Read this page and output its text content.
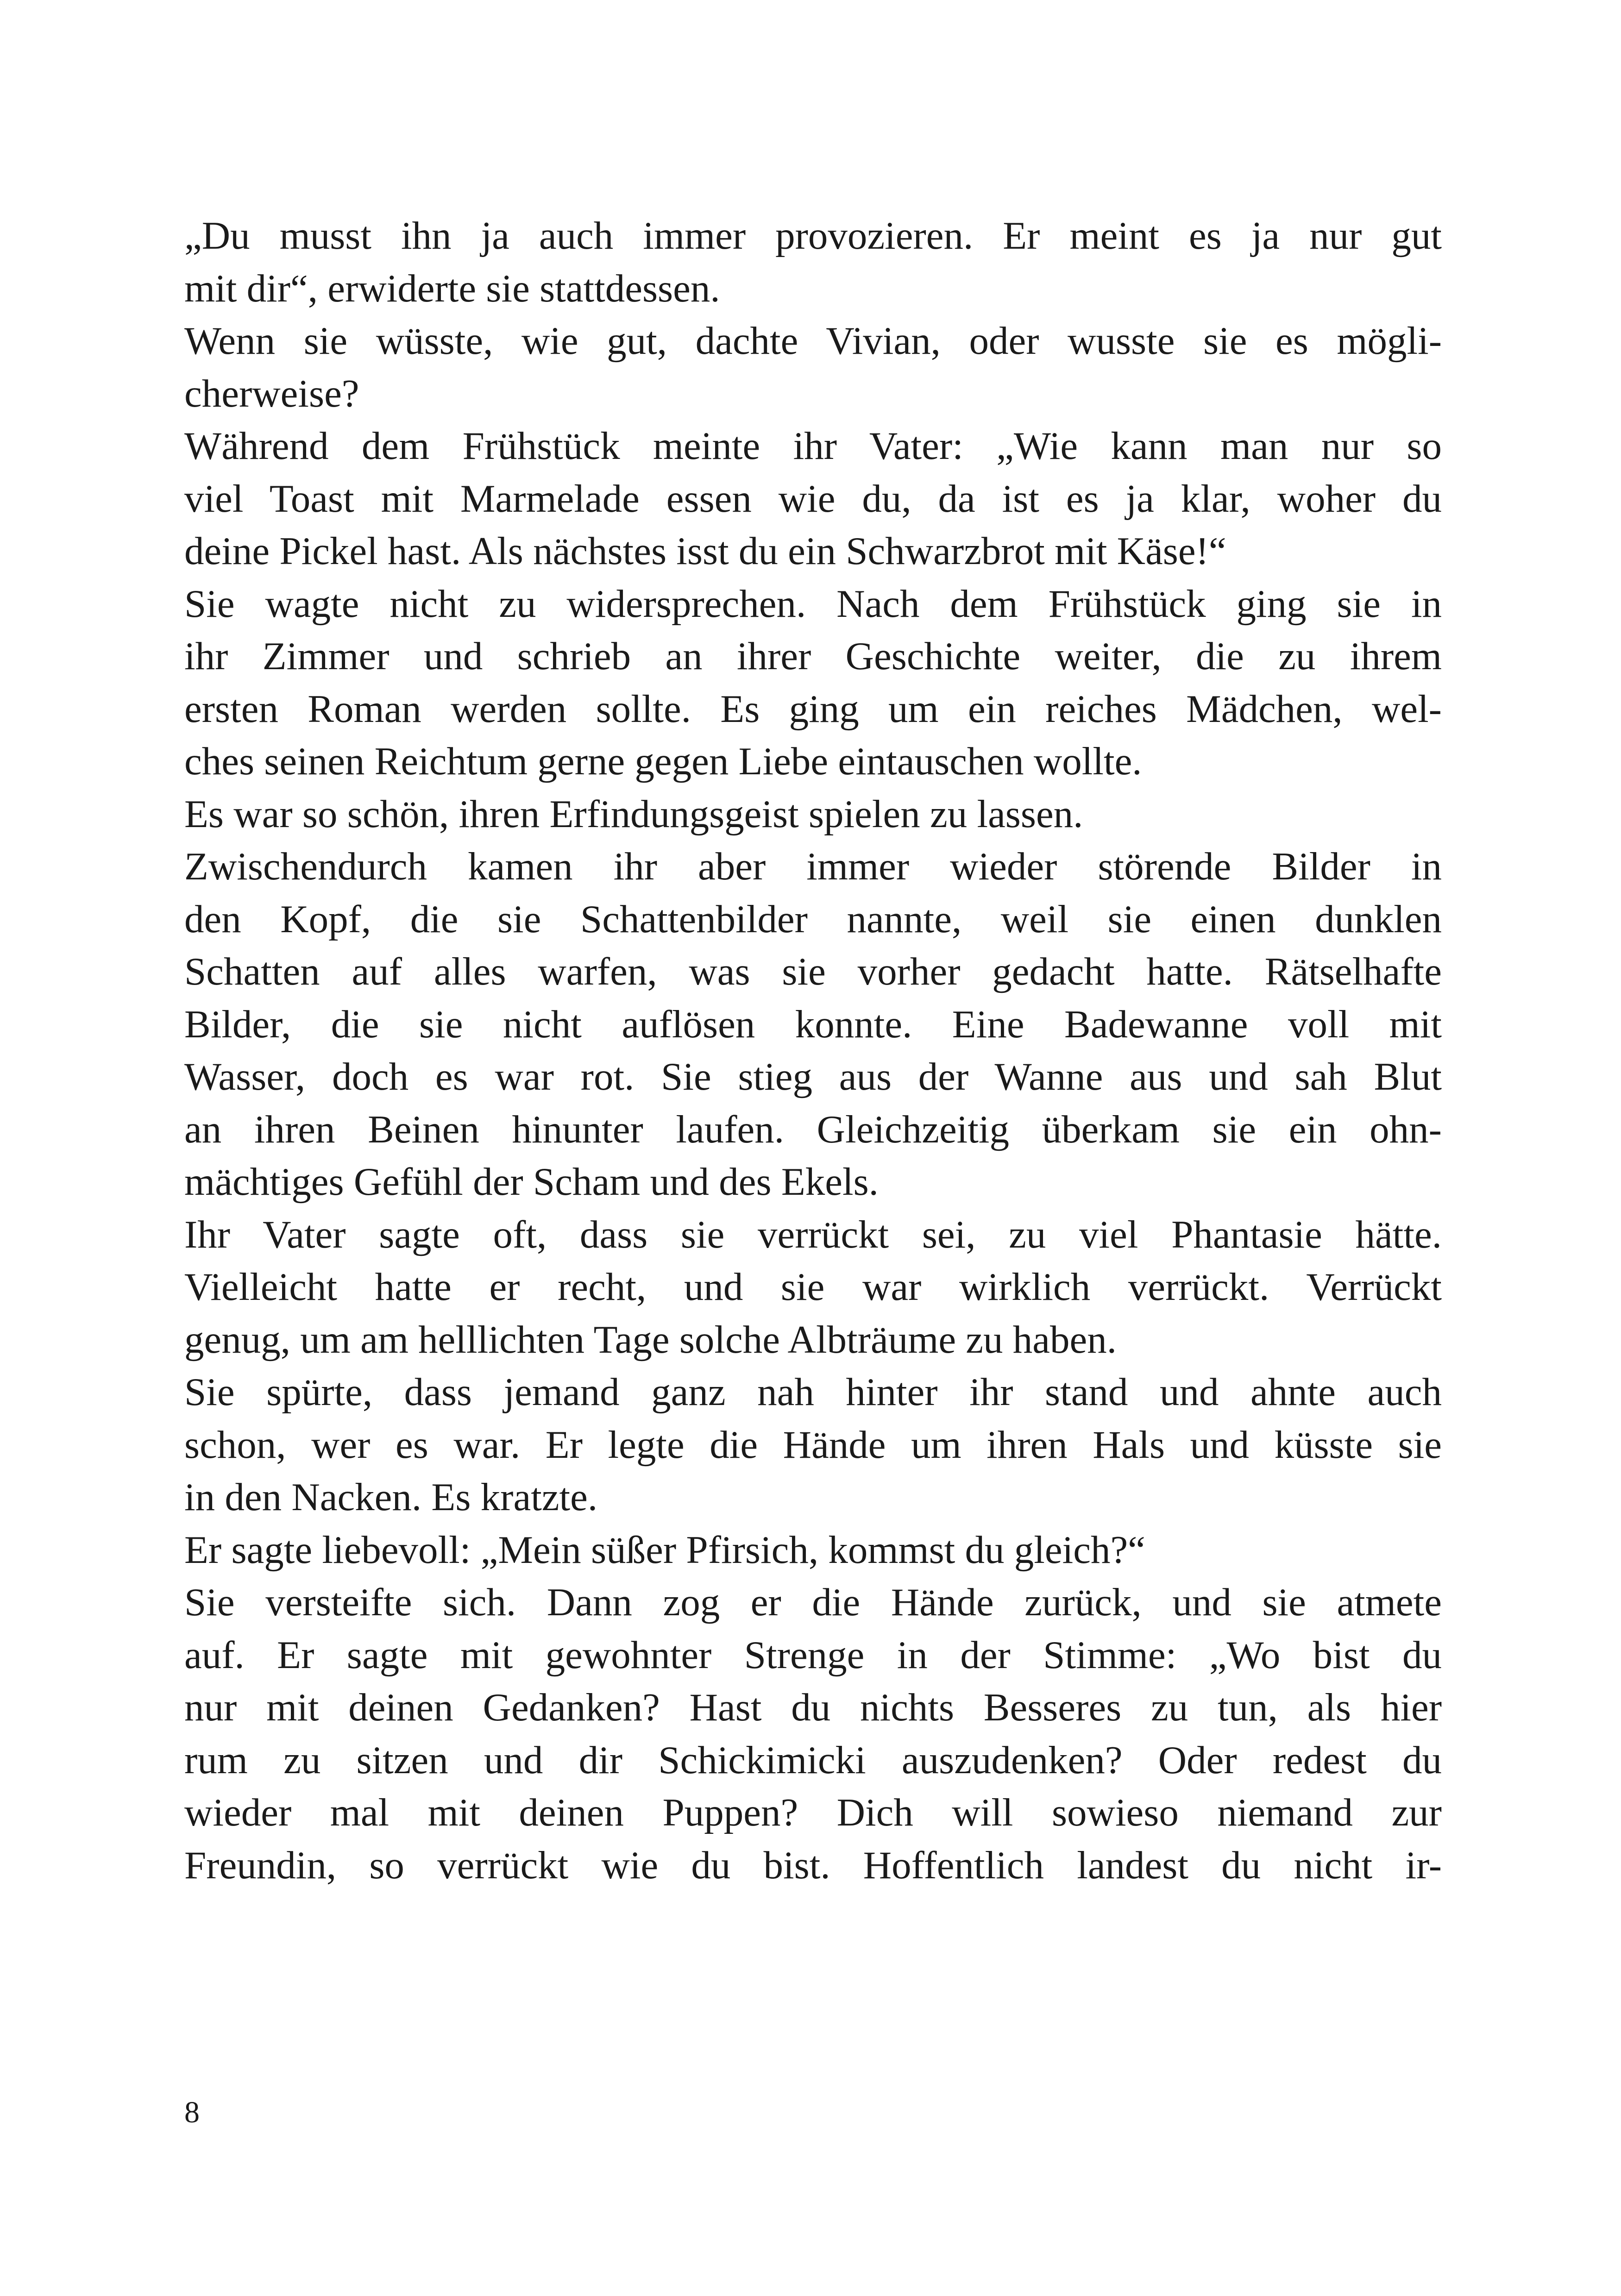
„Du musst ihn ja auch immer provozieren. Er meint es ja nur gut
mit dir“, erwiderte sie stattdessen.
Wenn sie wüsste, wie gut, dachte Vivian, oder wusste sie es mögli-
cherweise?
Während dem Frühstück meinte ihr Vater: „Wie kann man nur so
viel Toast mit Marmelade essen wie du, da ist es ja klar, woher du
deine Pickel hast. Als nächstes isst du ein Schwarzbrot mit Käse!“
Sie wagte nicht zu widersprechen. Nach dem Frühstück ging sie in
ihr Zimmer und schrieb an ihrer Geschichte weiter, die zu ihrem
ersten Roman werden sollte. Es ging um ein reiches Mädchen, wel-
ches seinen Reichtum gerne gegen Liebe eintauschen wollte.
Es war so schön, ihren Erfindungsgeist spielen zu lassen.
Zwischendurch kamen ihr aber immer wieder störende Bilder in
den Kopf, die sie Schattenbilder nannte, weil sie einen dunklen
Schatten auf alles warfen, was sie vorher gedacht hatte. Rätselhafte
Bilder, die sie nicht auflösen konnte. Eine Badewanne voll mit
Wasser, doch es war rot. Sie stieg aus der Wanne aus und sah Blut
an ihren Beinen hinunter laufen. Gleichzeitig überkam sie ein ohn-
mächtiges Gefühl der Scham und des Ekels.
Ihr Vater sagte oft, dass sie verrückt sei, zu viel Phantasie hätte.
Vielleicht hatte er recht, und sie war wirklich verrückt. Verrückt
genug, um am helllichten Tage solche Albträume zu haben.
Sie spürte, dass jemand ganz nah hinter ihr stand und ahnte auch
schon, wer es war. Er legte die Hände um ihren Hals und küsste sie
in den Nacken. Es kratzte.
Er sagte liebevoll: „Mein süßer Pfirsich, kommst du gleich?“
Sie versteifte sich. Dann zog er die Hände zurück, und sie atmete
auf. Er sagte mit gewohnter Strenge in der Stimme: „Wo bist du
nur mit deinen Gedanken? Hast du nichts Besseres zu tun, als hier
rum zu sitzen und dir Schickimicki auszudenken? Oder redest du
wieder mal mit deinen Puppen? Dich will sowieso niemand zur
Freundin, so verrückt wie du bist. Hoffentlich landest du nicht ir-
8
